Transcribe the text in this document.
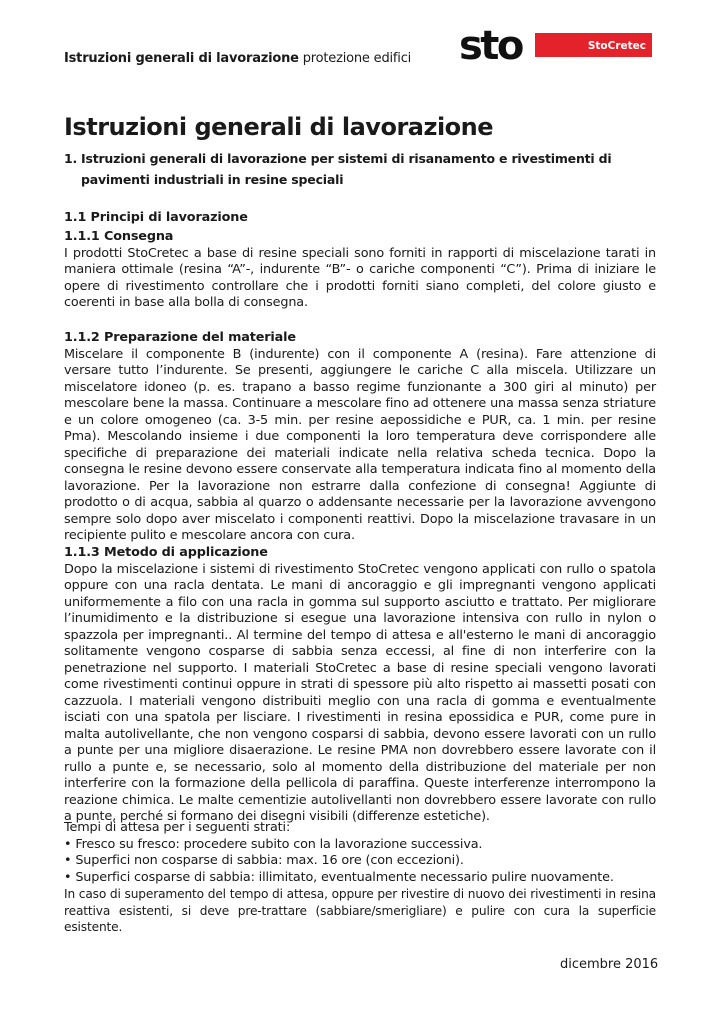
Istruzioni generali di lavorazione protezione edifici sto	StoCretec
Istruzioni generali di lavorazione
1. Istruzioni generali di lavorazione per sistemi di risanamento e rivestimenti di pavimenti industriali in resine speciali
1.1 Principi di lavorazione
1.1.1 Consegna

I prodotti StoCretec a base di resine speciali sono forniti in rapporti di miscelazione tarati in maniera ottimale (resina “A”-, indurente “B”- o cariche componenti “C”). Prima di iniziare le opere di rivestimento controllare che i prodotti forniti siano completi, del colore giusto e coerenti in base alla bolla di consegna.

1.1.2 Preparazione del materiale

Miscelare il componente B (indurente) con il componente A (resina). Fare attenzione di versare tutto l’indurente. Se presenti, aggiungere le cariche C alla miscela. Utilizzare un miscelatore idoneo (p. es. trapano a basso regime funzionante a 300 giri al minuto) per mescolare bene la massa. Continuare a mescolare fino ad ottenere una massa senza striature e un colore omogeneo (ca. 3-5 min. per resine aepossidiche e PUR, ca. 1 min. per resine Pma). Mescolando insieme i due componenti la loro temperatura deve corrispondere alle specifiche di preparazione dei materiali indicate nella relativa scheda tecnica. Dopo la consegna le resine devono essere conservate alla temperatura indicata fino al momento della lavorazione. Per la lavorazione non estrarre dalla confezione di consegna! Aggiunte di prodotto o di acqua, sabbia al quarzo o addensante necessarie per la lavorazione avvengono sempre solo dopo aver miscelato i componenti reattivi. Dopo la miscelazione travasare in un recipiente pulito e mescolare ancora con cura.

1.1.3 Metodo di applicazione

Dopo la miscelazione i sistemi di rivestimento StoCretec vengono applicati con rullo o spatola oppure con una racla dentata. Le mani di ancoraggio e gli impregnanti vengono applicati uniformemente a filo con una racla in gomma sul supporto asciutto e trattato. Per migliorare l’inumidimento e la distribuzione si esegue una lavorazione intensiva con rullo in nylon o spazzola per impregnanti.. Al termine del tempo di attesa e all'esterno le mani di ancoraggio solitamente vengono cosparse di sabbia senza eccessi, al fine di non interferire con la penetrazione nel supporto. I materiali StoCretec a base di resine speciali vengono lavorati come rivestimenti continui oppure in strati di spessore più alto rispetto ai massetti posati con cazzuola. I materiali vengono distribuiti meglio con una racla di gomma e eventualmente isciati con una spatola per lisciare. I rivestimenti in resina epossidica e PUR, come pure in malta autolivellante, che non vengono cosparsi di sabbia, devono essere lavorati con un rullo a punte per una migliore disaerazione. Le resine PMA non dovrebbero essere lavorate con il rullo a punte e, se necessario, solo al momento della distribuzione del materiale per non interferire con la formazione della pellicola di paraffina. Queste interferenze interrompono la reazione chimica. Le malte cementizie autolivellanti non dovrebbero essere lavorate con rullo a punte, perché si formano dei disegni visibili (differenze estetiche).

Tempi di attesa per i seguenti strati:
• Fresco su fresco: procedere subito con la lavorazione successiva.
• Superfici non cosparse di sabbia: max. 16 ore (con eccezioni).
• Superfici cosparse di sabbia: illimitato, eventualmente necessario pulire nuovamente.

In caso di superamento del tempo di attesa, oppure per rivestire di nuovo dei rivestimenti in resina reattiva esistenti, si deve pre-trattare (sabbiare/smerigliare) e pulire con cura la superficie esistente.

dicembre 2016
